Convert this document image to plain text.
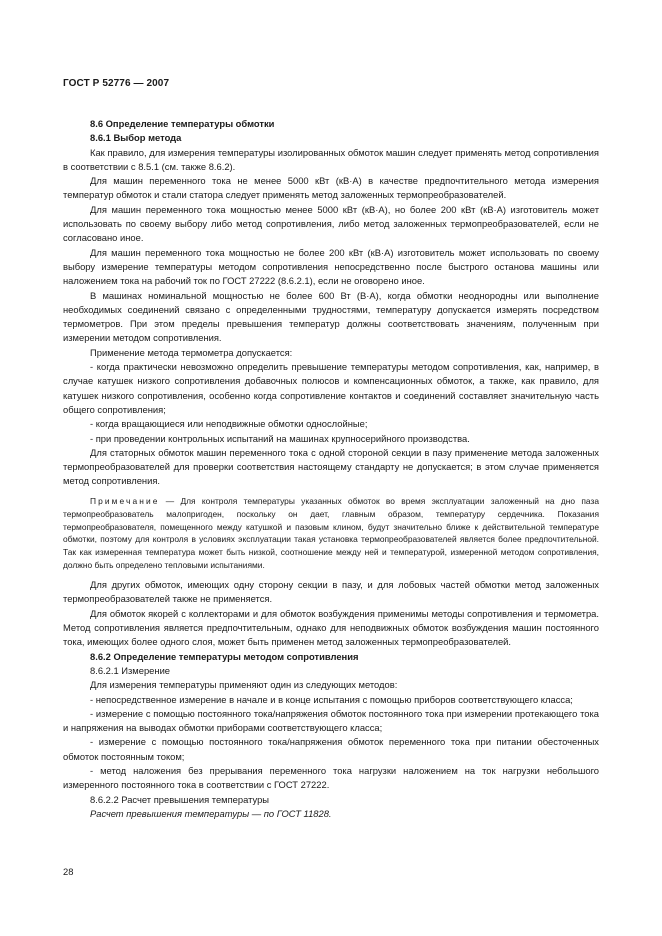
ГОСТ Р 52776 — 2007

8.6 Определение температуры обмотки

8.6.1 Выбор метода

Как правило, для измерения температуры изолированных обмоток машин следует применять метод сопротивления в соответствии с 8.5.1 (см. также 8.6.2).

Для машин переменного тока не менее 5000 кВт (кВ·А) в качестве предпочтительного метода измерения температур обмоток и стали статора следует применять метод заложенных термопреобразователей.

Для машин переменного тока мощностью менее 5000 кВт (кВ·А), но более 200 кВт (кВ·А) изготовитель может использовать по своему выбору либо метод сопротивления, либо метод заложенных термопреобразователей, если не согласовано иное.

Для машин переменного тока мощностью не более 200 кВт (кВ·А) изготовитель может использовать по своему выбору измерение температуры методом сопротивления непосредственно после быстрого останова машины или наложением тока на рабочий ток по ГОСТ 27222 (8.6.2.1), если не оговорено иное.

В машинах номинальной мощностью не более 600 Вт (В·А), когда обмотки неоднородны или выполнение необходимых соединений связано с определенными трудностями, температуру допускается измерять посредством термометров. При этом пределы превышения температур должны соответствовать значениям, полученным при измерении методом сопротивления.

Применение метода термометра допускается:

- когда практически невозможно определить превышение температуры методом сопротивления, как, например, в случае катушек низкого сопротивления добавочных полюсов и компенсационных обмоток, а также, как правило, для катушек низкого сопротивления, особенно когда сопротивление контактов и соединений составляет значительную часть общего сопротивления;

- когда вращающиеся или неподвижные обмотки однослойные;

- при проведении контрольных испытаний на машинах крупносерийного производства.

Для статорных обмоток машин переменного тока с одной стороной секции в пазу применение метода заложенных термопреобразователей для проверки соответствия настоящему стандарту не допускается; в этом случае применяется метод сопротивления.

Примечание — Для контроля температуры указанных обмоток во время эксплуатации заложенный на дно паза термопреобразователь малопригоден, поскольку он дает, главным образом, температуру сердечника. Показания термопреобразователя, помещенного между катушкой и пазовым клином, будут значительно ближе к действительной температуре обмотки, поэтому для контроля в условиях эксплуатации такая установка термопреобразователей является более предпочтительной. Так как измеренная температура может быть низкой, соотношение между ней и температурой, измеренной методом сопротивления, должно быть определено тепловыми испытаниями.

Для других обмоток, имеющих одну сторону секции в пазу, и для лобовых частей обмотки метод заложенных термопреобразователей также не применяется.

Для обмоток якорей с коллекторами и для обмоток возбуждения применимы методы сопротивления и термометра. Метод сопротивления является предпочтительным, однако для неподвижных обмоток возбуждения машин постоянного тока, имеющих более одного слоя, может быть применен метод заложенных термопреобразователей.

8.6.2 Определение температуры методом сопротивления

8.6.2.1 Измерение

Для измерения температуры применяют один из следующих методов:

- непосредственное измерение в начале и в конце испытания с помощью приборов соответствующего класса;

- измерение с помощью постоянного тока/напряжения обмоток постоянного тока при измерении протекающего тока и напряжения на выводах обмотки приборами соответствующего класса;

- измерение с помощью постоянного тока/напряжения обмоток переменного тока при питании обесточенных обмоток постоянным током;

- метод наложения без прерывания переменного тока нагрузки наложением на ток нагрузки небольшого измеренного постоянного тока в соответствии с ГОСТ 27222.

8.6.2.2 Расчет превышения температуры

Расчет превышения температуры — по ГОСТ 11828.

28
